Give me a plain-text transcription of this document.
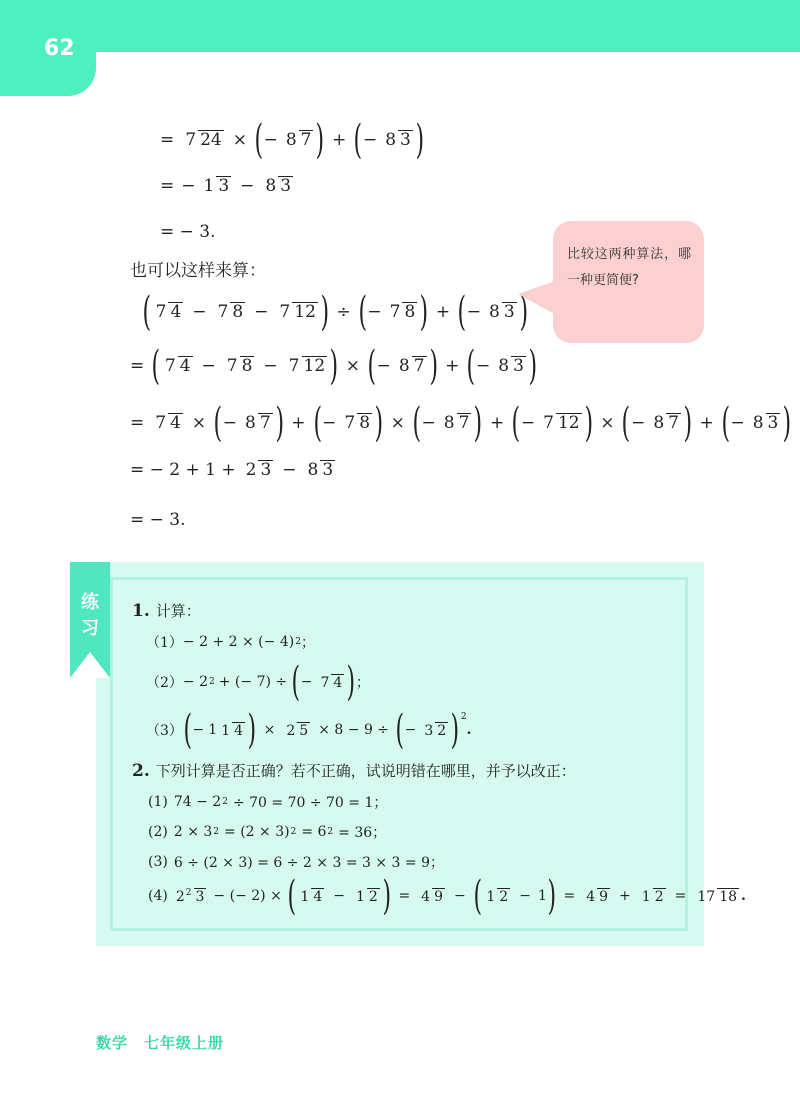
62
= 7 24 × ( − 8 7 ) + ( − 8 3 )
= − 1 3 − 8 3
= − 3.
也可以这样来算：
( 7 4 − 7 8 − 7 12 ) ÷ ( − 7 8 ) + ( − 8 3 )
= ( 7 4 − 7 8 − 7 12 ) × ( − 8 7 ) + ( − 8 3 )
= 7 4 × ( − 8 7 ) + ( − 7 8 ) × ( − 8 7 ) + ( − 7 12 ) × ( − 8 7 ) + ( − 8 3 )
= − 2 + 1 + 2 3 − 8 3
= − 3.
比较这两种算法，哪一种更简便?
练习
1. 计算：
（1） − 2 + 2 × (− 4) 2 ；
（2） − 2 2 + (− 7) ÷ ( − 7 4 ) ；
（3） ( − 1 1 4 ) × 2 5 × 8 − 9 ÷ ( − 3 2 ) 2
.
2. 下列计算是否正确？若不正确，试说明错在哪里，并予以改正：
(1) 74 − 2 2 ÷ 70 = 70 ÷ 70 = 1；
(2) 2 × 3 2 = (2 × 3) 2 = 6 2 = 36；
(3) 6 ÷ (2 × 3) = 6 ÷ 2 × 3 = 3 × 3 = 9；
(4) 22 3 − (− 2) × ( 1 4 − 1 2 ) = 4 9 − ( 1 2 − 1 ) = 4 9 + 1 2 = 17 18 .
数学　七年级上册
